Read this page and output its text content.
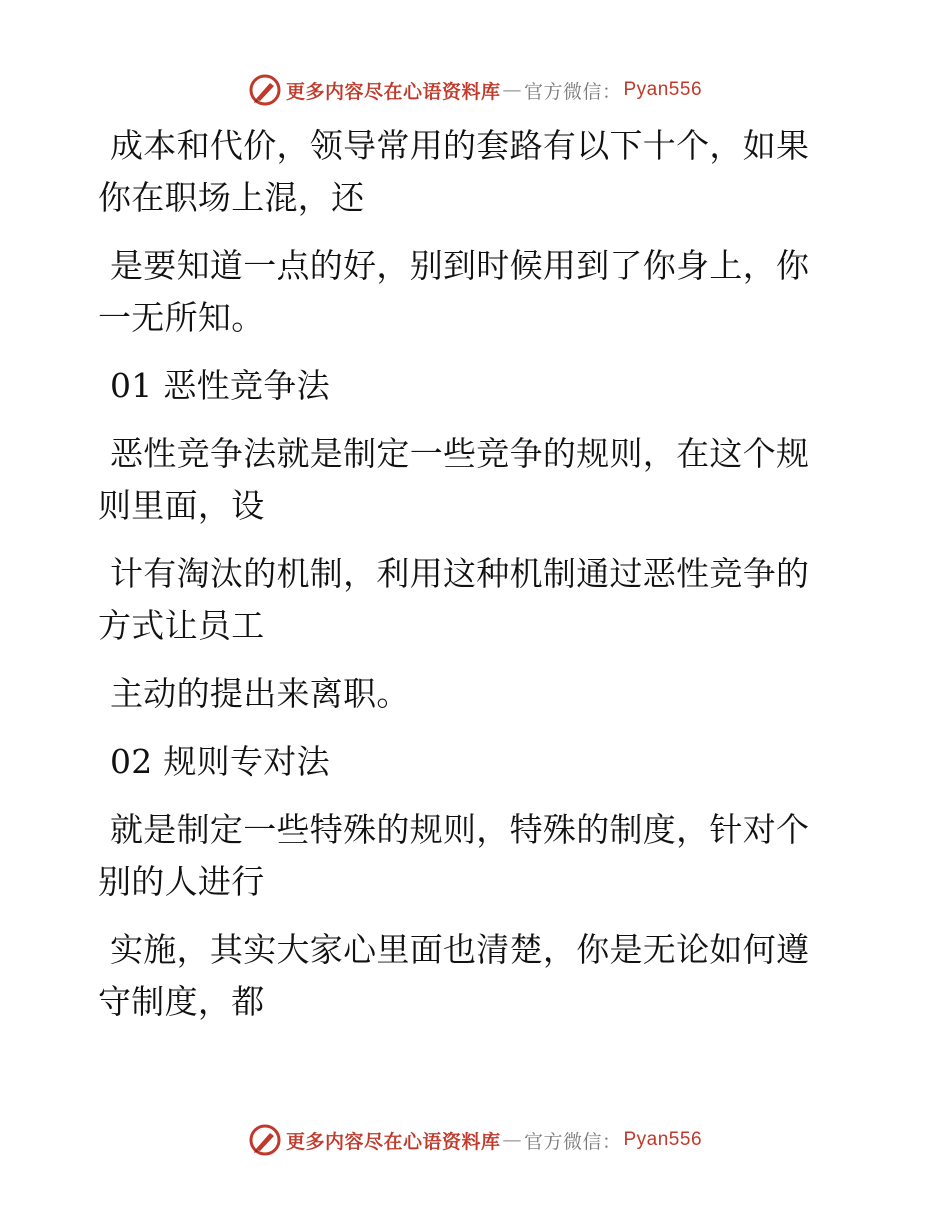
更多内容尽在心语资料库 — 官方微信： Pyan556

成本和代价，领导常用的套路有以下十个，如果
你在职场上混，还

是要知道一点的好，别到时候用到了你身上，你
一无所知。

01 恶性竞争法

恶性竞争法就是制定一些竞争的规则，在这个规
则里面，设

计有淘汰的机制，利用这种机制通过恶性竞争的
方式让员工

主动的提出来离职。

02 规则专对法

就是制定一些特殊的规则，特殊的制度，针对个
别的人进行

实施，其实大家心里面也清楚，你是无论如何遵
守制度，都

更多内容尽在心语资料库 — 官方微信： Pyan556
